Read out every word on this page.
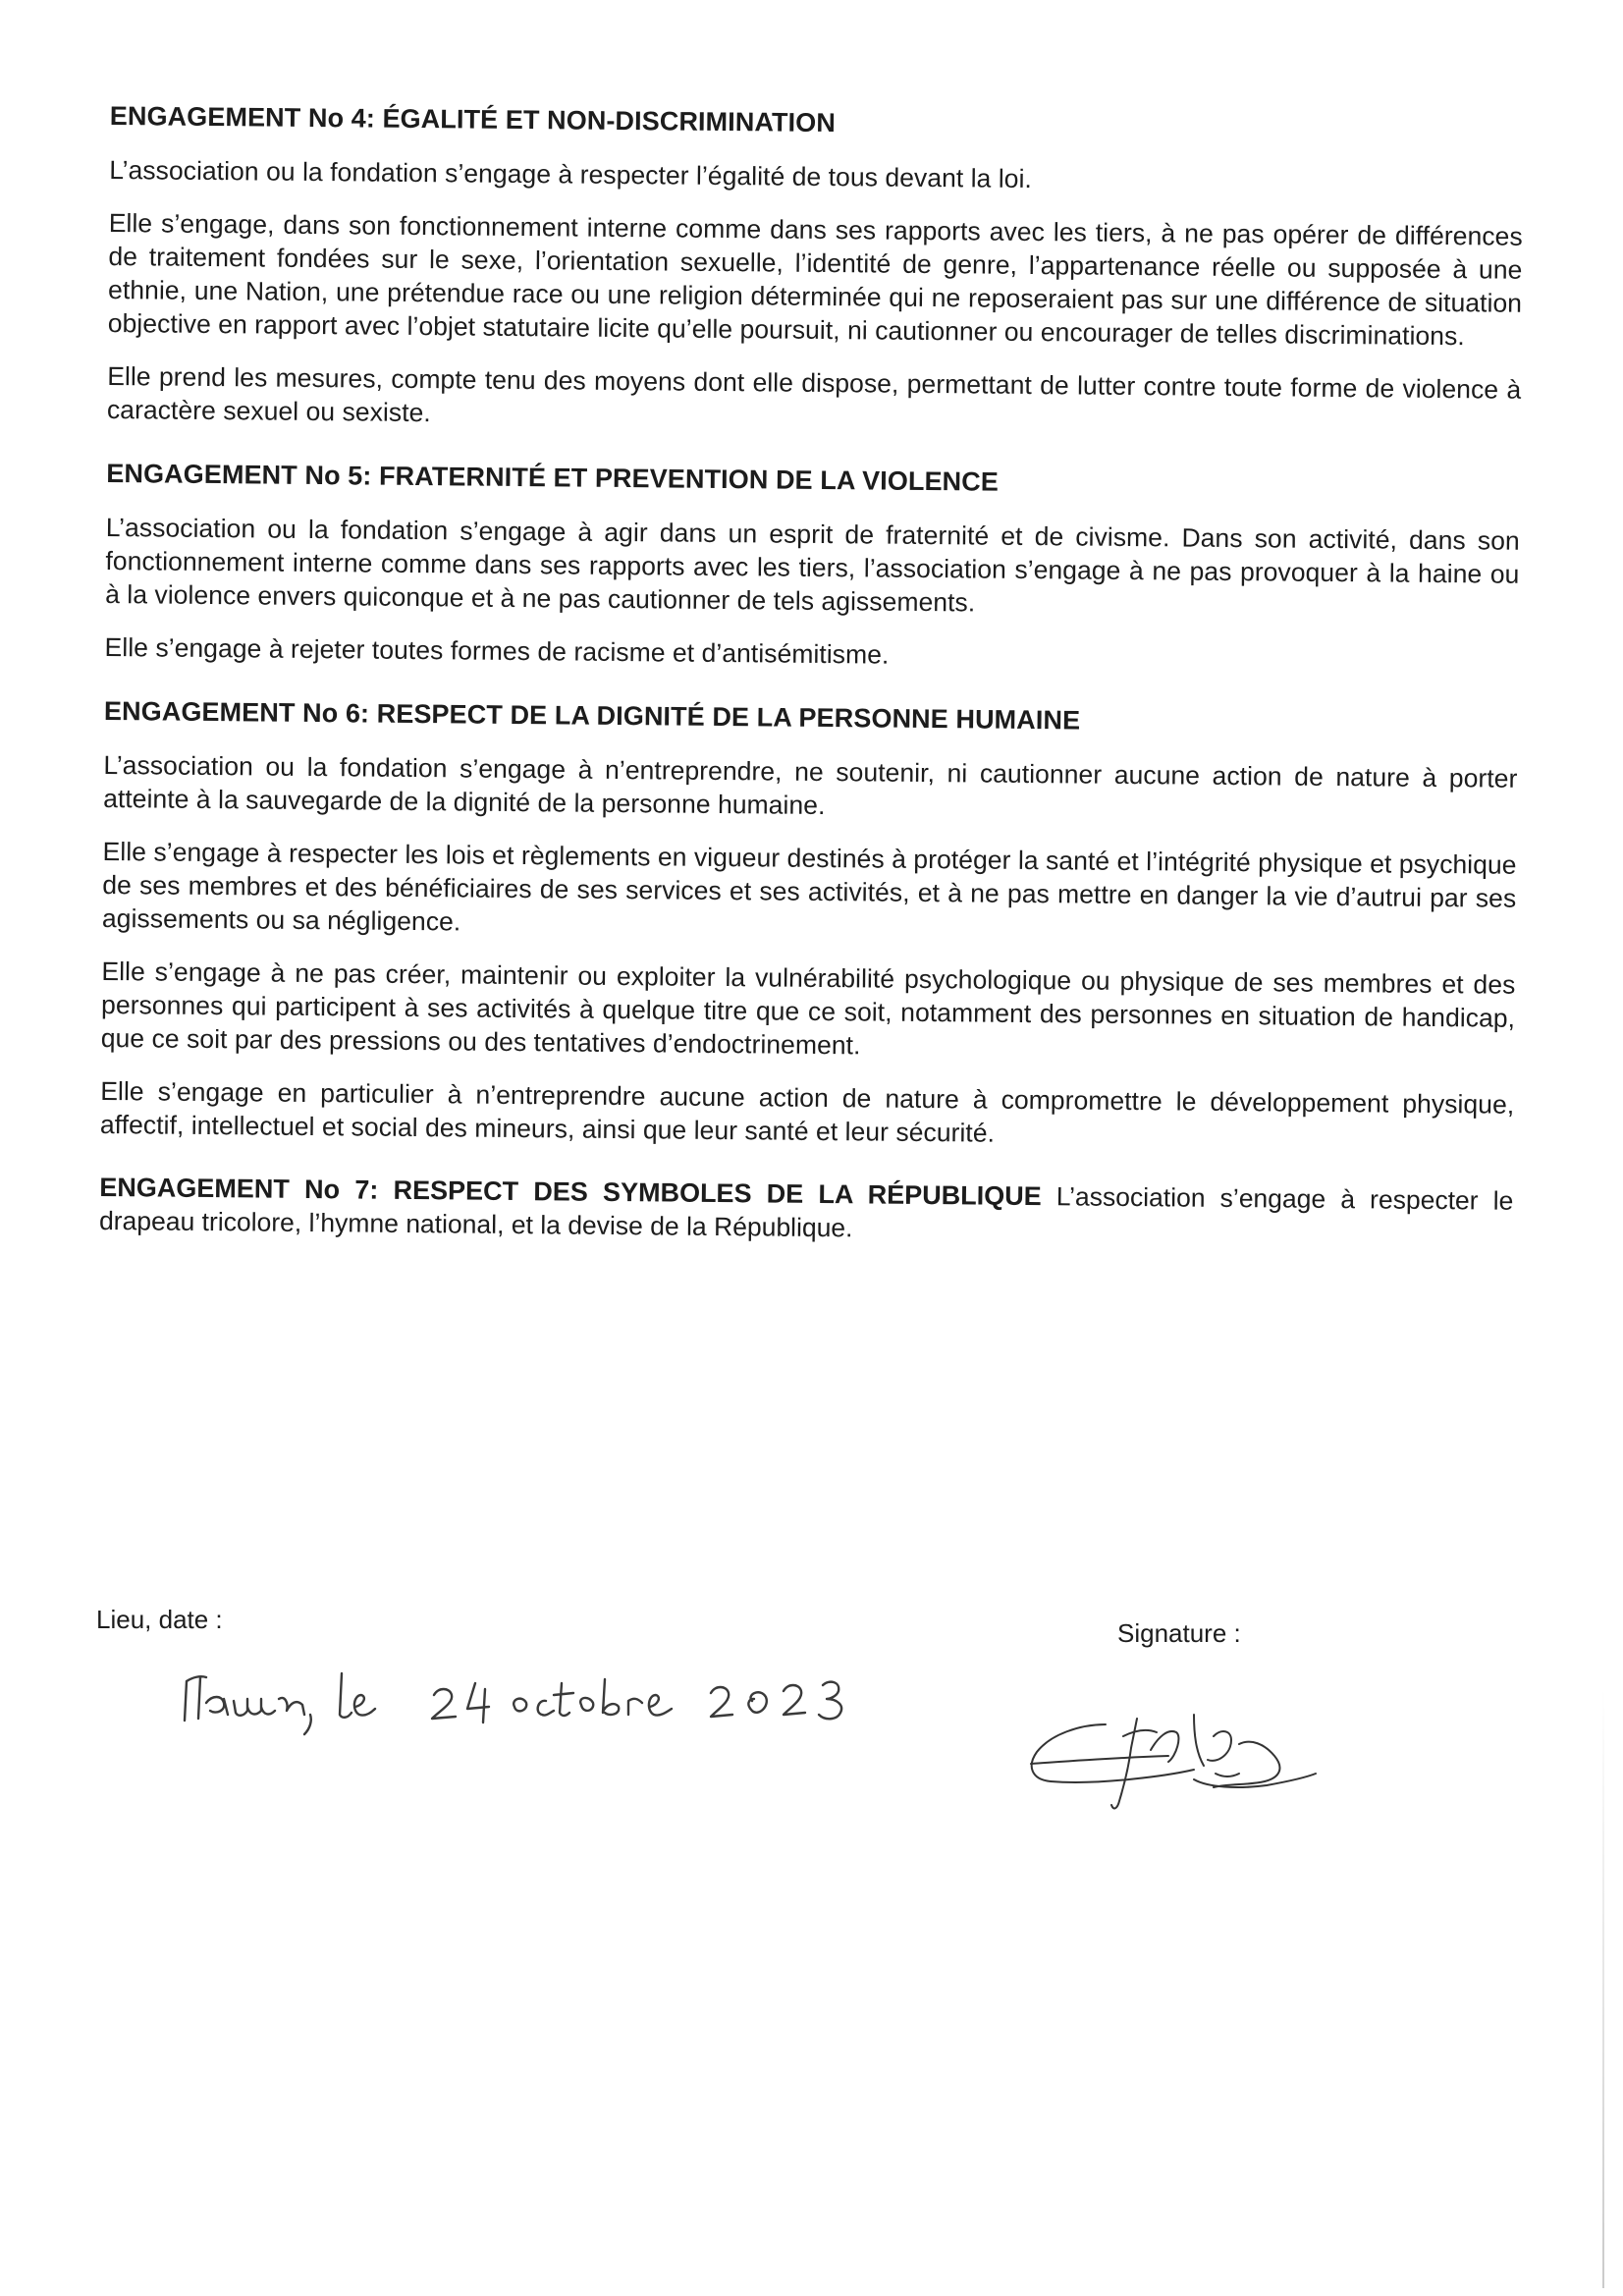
ENGAGEMENT No 4: ÉGALITÉ ET NON-DISCRIMINATION

L’association ou la fondation s’engage à respecter l’égalité de tous devant la loi.

Elle s’engage, dans son fonctionnement interne comme dans ses rapports avec les tiers, à ne pas opérer de différences de traitement fondées sur le sexe, l’orientation sexuelle, l’identité de genre, l’appartenance réelle ou supposée à une ethnie, une Nation, une prétendue race ou une religion déterminée qui ne reposeraient pas sur une différence de situation objective en rapport avec l’objet statutaire licite qu’elle poursuit, ni cautionner ou encourager de telles discriminations.

Elle prend les mesures, compte tenu des moyens dont elle dispose, permettant de lutter contre toute forme de violence à caractère sexuel ou sexiste.

ENGAGEMENT No 5: FRATERNITÉ ET PREVENTION DE LA VIOLENCE

L’association ou la fondation s’engage à agir dans un esprit de fraternité et de civisme. Dans son activité, dans son fonctionnement interne comme dans ses rapports avec les tiers, l’association s’engage à ne pas provoquer à la haine ou à la violence envers quiconque et à ne pas cautionner de tels agissements.

Elle s’engage à rejeter toutes formes de racisme et d’antisémitisme.

ENGAGEMENT No 6: RESPECT DE LA DIGNITÉ DE LA PERSONNE HUMAINE

L’association ou la fondation s’engage à n’entreprendre, ne soutenir, ni cautionner aucune action de nature à porter atteinte à la sauvegarde de la dignité de la personne humaine.

Elle s’engage à respecter les lois et règlements en vigueur destinés à protéger la santé et l’intégrité physique et psychique de ses membres et des bénéficiaires de ses services et ses activités, et à ne pas mettre en danger la vie d’autrui par ses agissements ou sa négligence.

Elle s’engage à ne pas créer, maintenir ou exploiter la vulnérabilité psychologique ou physique de ses membres et des personnes qui participent à ses activités à quelque titre que ce soit, notamment des personnes en situation de handicap, que ce soit par des pressions ou des tentatives d’endoctrinement.

Elle s’engage en particulier à n’entreprendre aucune action de nature à compromettre le développement physique, affectif, intellectuel et social des mineurs, ainsi que leur santé et leur sécurité.

ENGAGEMENT No 7: RESPECT DES SYMBOLES DE LA RÉPUBLIQUE L’association s’engage à respecter le drapeau tricolore, l’hymne national, et la devise de la République.
Lieu, date :	Signature :
